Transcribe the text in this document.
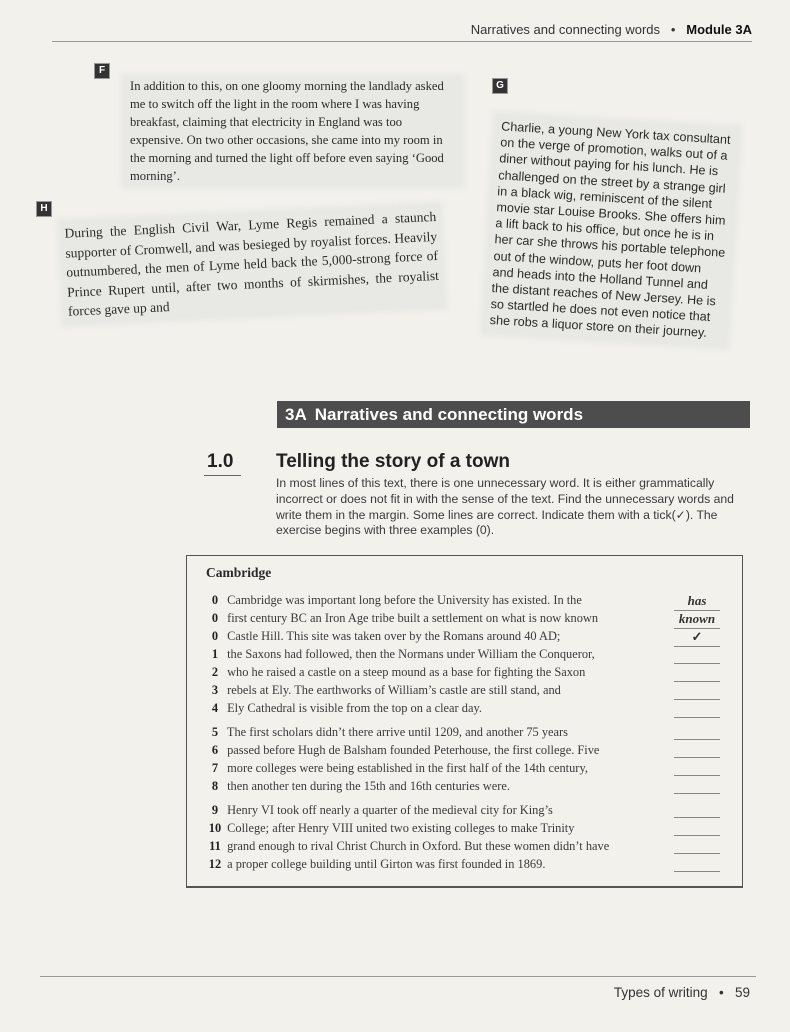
Narratives and connecting words • Module 3A
F
In addition to this, on one gloomy morning the landlady asked me to switch off the light in the room where I was having breakfast, claiming that electricity in England was too expensive. On two other occasions, she came into my room in the morning and turned the light off before even saying ‘Good morning’.
G
Charlie, a young New York tax consultant on the verge of promotion, walks out of a diner without paying for his lunch. He is challenged on the street by a strange girl in a black wig, reminiscent of the silent movie star Louise Brooks. She offers him a lift back to his office, but once he is in her car she throws his portable telephone out of the window, puts her foot down and heads into the Holland Tunnel and the distant reaches of New Jersey. He is so startled he does not even notice that she robs a liquor store on their journey.
H
During the English Civil War, Lyme Regis remained a staunch supporter of Cromwell, and was besieged by royalist forces. Heavily outnumbered, the men of Lyme held back the 5,000-strong force of Prince Rupert until, after two months of skirmishes, the royalist forces gave up and
3A Narratives and connecting words
1.0 Telling the story of a town
In most lines of this text, there is one unnecessary word. It is either grammatically incorrect or does not fit in with the sense of the text. Find the unnecessary words and write them in the margin. Some lines are correct. Indicate them with a tick(✓). The exercise begins with three examples (0).
Cambridge
0 Cambridge was important long before the University has existed. In the
0 first century BC an Iron Age tribe built a settlement on what is now known
0 Castle Hill. This site was taken over by the Romans around 40 AD;
1 the Saxons had followed, then the Normans under William the Conqueror,
2 who he raised a castle on a steep mound as a base for fighting the Saxon
3 rebels at Ely. The earthworks of William’s castle are still stand, and
4 Ely Cathedral is visible from the top on a clear day.
5 The first scholars didn’t there arrive until 1209, and another 75 years
6 passed before Hugh de Balsham founded Peterhouse, the first college. Five
7 more colleges were being established in the first half of the 14th century,
8 then another ten during the 15th and 16th centuries were.
9 Henry VI took off nearly a quarter of the medieval city for King’s
10 College; after Henry VIII united two existing colleges to make Trinity
11 grand enough to rival Christ Church in Oxford. But these women didn’t have
12 a proper college building until Girton was first founded in 1869.
has
known
✓
Types of writing • 59
